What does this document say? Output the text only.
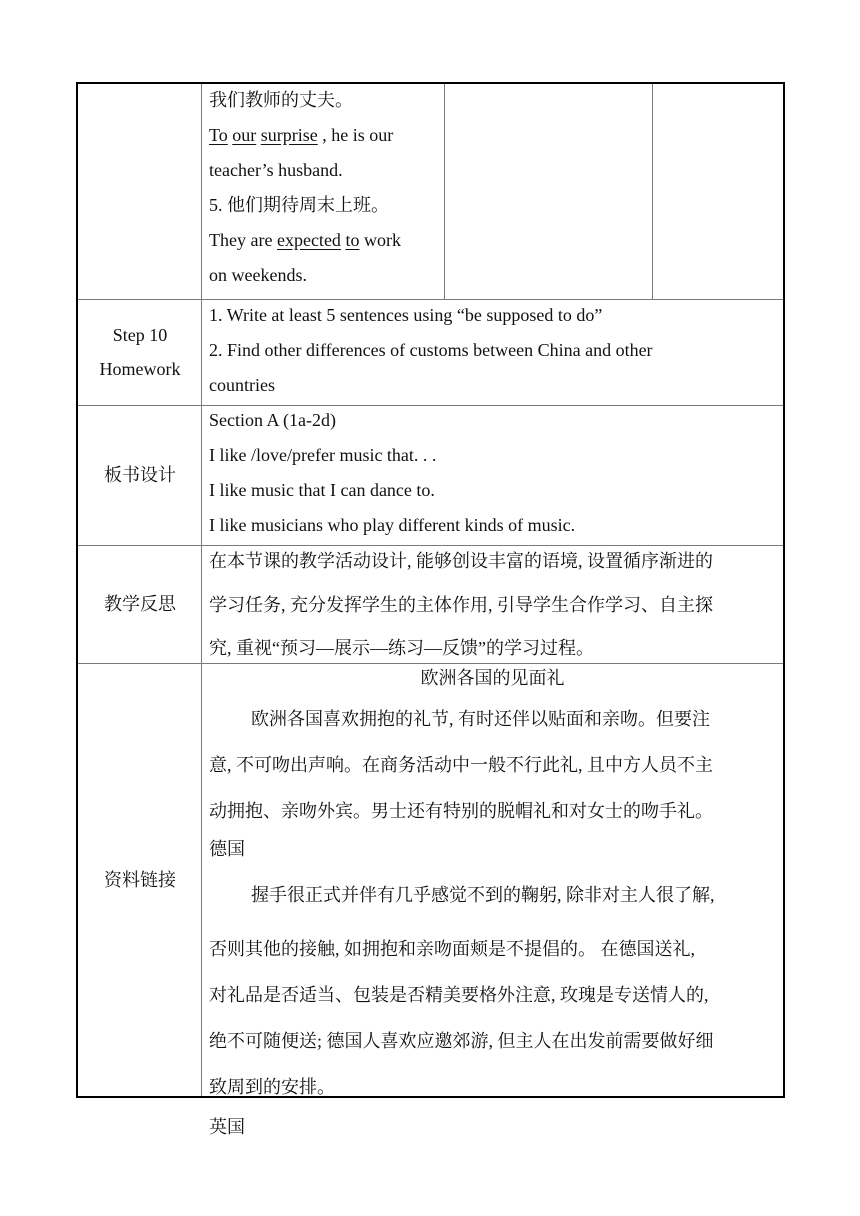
我们教师的丈夫。
To our surprise , he is our
teacher’s husband.
5. 他们期待周末上班。
They are expected to work
on weekends.
Step 10
Homework
1. Write at least 5 sentences using “be supposed to do”
2. Find other differences of customs between China and other
countries
板书设计
Section A (1a-2d)
I like /love/prefer music that. . .
I like music that I can dance to.
I like musicians who play different kinds of music.
教学反思
在本节课的教学活动设计, 能够创设丰富的语境, 设置循序渐进的
学习任务, 充分发挥学生的主体作用, 引导学生合作学习、自主探
究, 重视“预习—展示—练习—反馈”的学习过程。
资料链接
欧洲各国的见面礼
欧洲各国喜欢拥抱的礼节, 有时还伴以贴面和亲吻。但要注
意, 不可吻出声响。在商务活动中一般不行此礼, 且中方人员不主
动拥抱、亲吻外宾。男士还有特别的脱帽礼和对女士的吻手礼。
德国
握手很正式并伴有几乎感觉不到的鞠躬, 除非对主人很了解,
否则其他的接触, 如拥抱和亲吻面颊是不提倡的。 在德国送礼,
对礼品是否适当、包装是否精美要格外注意, 玫瑰是专送情人的,
绝不可随便送; 德国人喜欢应邀郊游, 但主人在出发前需要做好细
致周到的安排。
英国
